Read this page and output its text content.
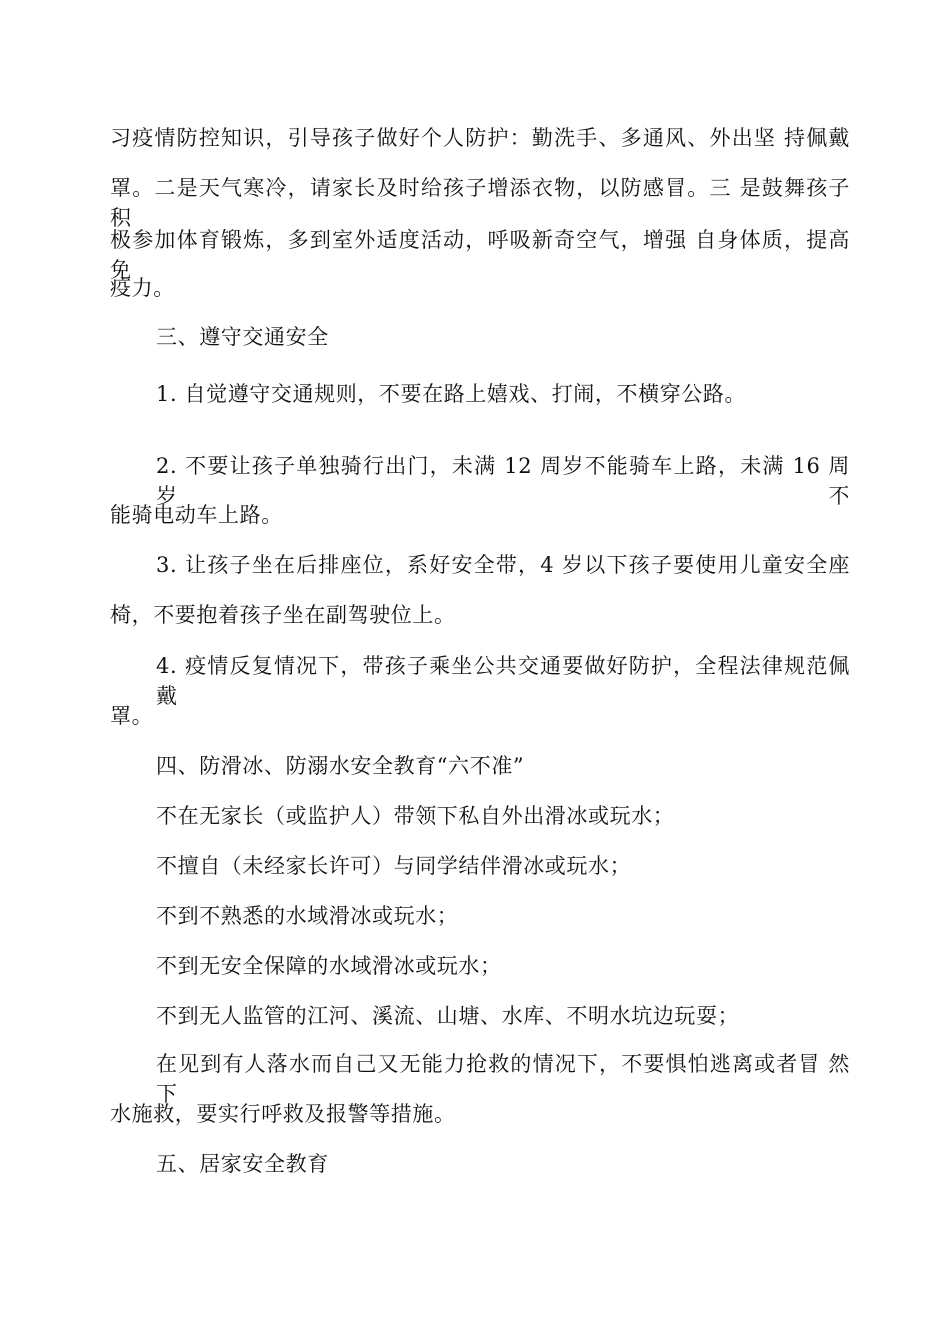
习疫情防控知识，引导孩子做好个人防护：勤洗手、多通风、外出坚 持佩戴
罩。二是天气寒冷，请家长及时给孩子增添衣物，以防感冒。三 是鼓舞孩子积
极参加体育锻炼，多到室外适度活动，呼吸新奇空气，增强 自身体质，提高免
疫力。
三、遵守交通安全
1. 自觉遵守交通规则，不要在路上嬉戏、打闹，不横穿公路。
2. 不要让孩子单独骑行出门，未满 12 周岁不能骑车上路，未满 16 周岁 不
能骑电动车上路。
3. 让孩子坐在后排座位，系好安全带，4 岁以下孩子要使用儿童安全座
椅，不要抱着孩子坐在副驾驶位上。
4. 疫情反复情况下，带孩子乘坐公共交通要做好防护，全程法律规范佩戴
罩。
四、防滑冰、防溺水安全教育“六不准”
不在无家长（或监护人）带领下私自外出滑冰或玩水；
不擅自（未经家长许可）与同学结伴滑冰或玩水；
不到不熟悉的水域滑冰或玩水；
不到无安全保障的水域滑冰或玩水；
不到无人监管的江河、溪流、山塘、水库、不明水坑边玩耍；
在见到有人落水而自己又无能力抢救的情况下，不要惧怕逃离或者冒 然下
水施救，要实行呼救及报警等措施。
五、居家安全教育
